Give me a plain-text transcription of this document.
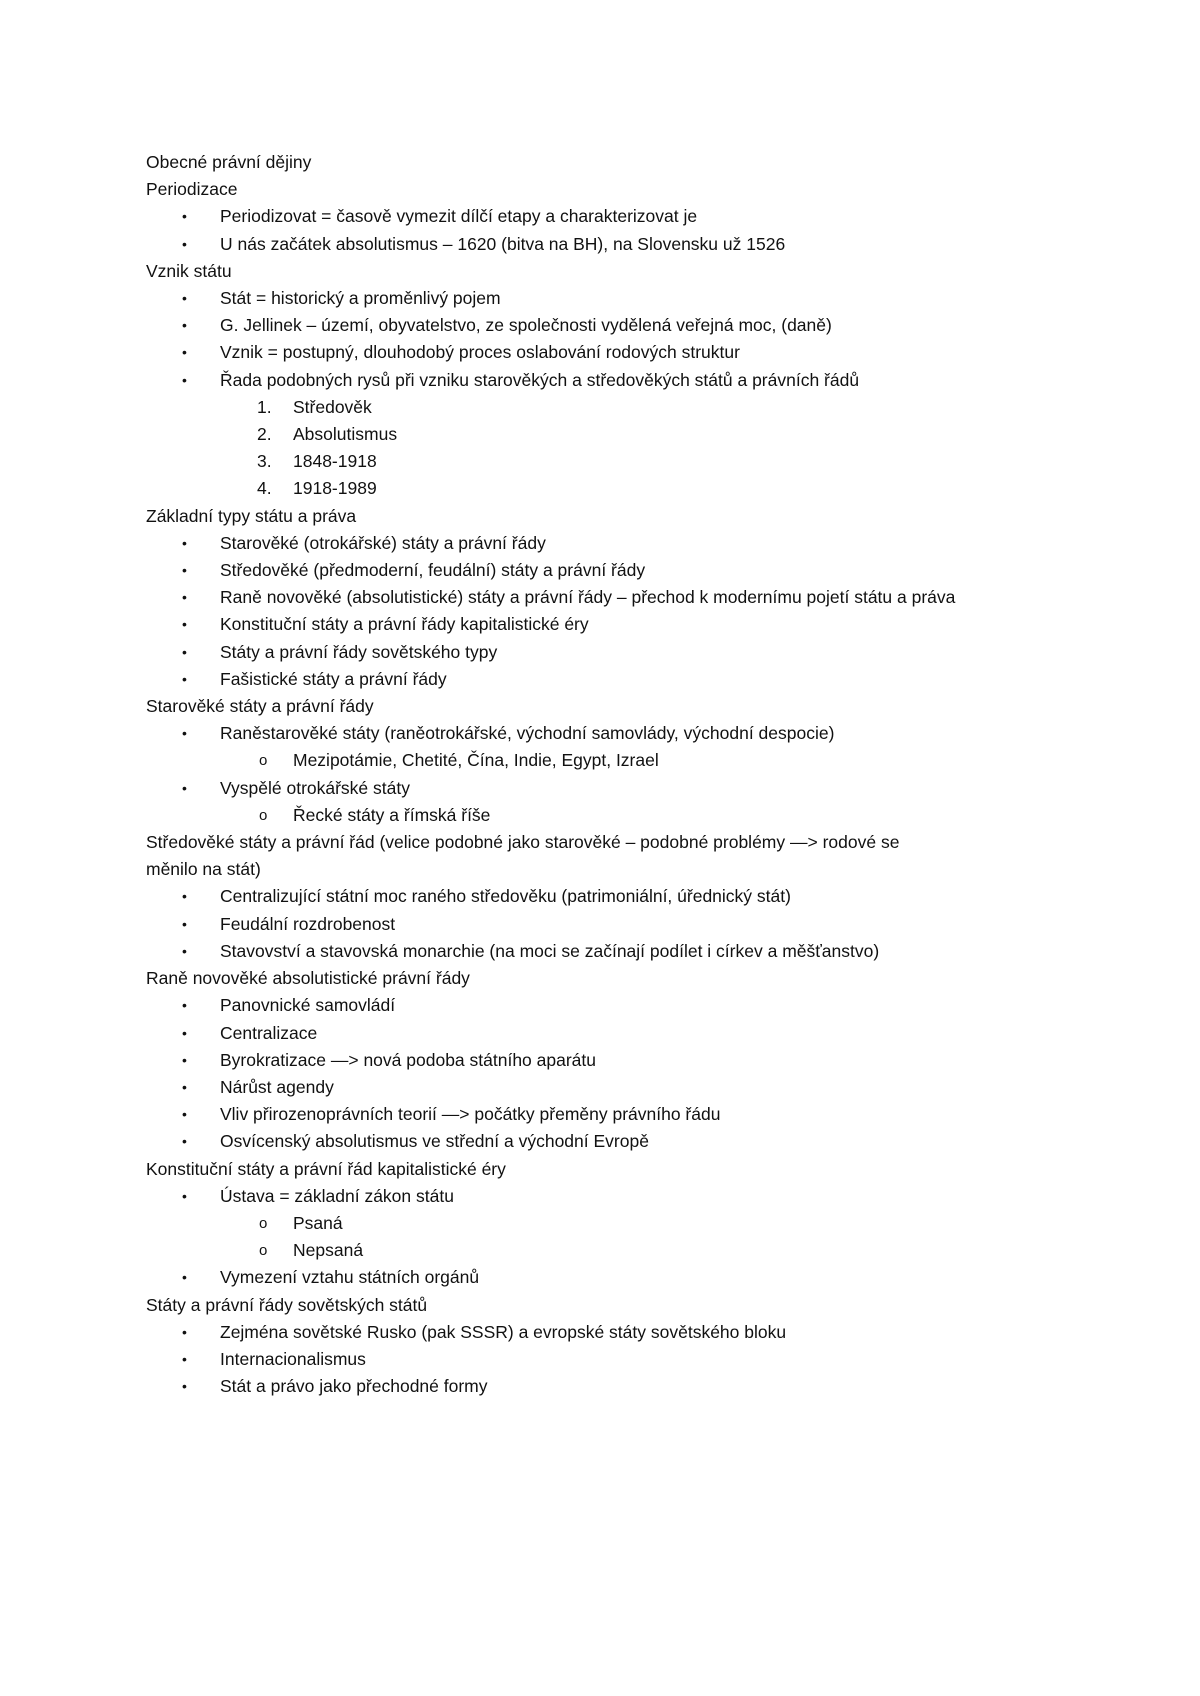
Obecné právní dějiny
Periodizace
• Periodizovat = časově vymezit dílčí etapy a charakterizovat je
• U nás začátek absolutismus – 1620 (bitva na BH), na Slovensku už 1526
Vznik státu
• Stát = historický a proměnlivý pojem
• G. Jellinek – území, obyvatelstvo, ze společnosti vydělená veřejná moc, (daně)
• Vznik = postupný, dlouhodobý proces oslabování rodových struktur
• Řada podobných rysů při vzniku starověkých a středověkých států a právních řádů
1. Středověk
2. Absolutismus
3. 1848-1918
4. 1918-1989
Základní typy státu a práva
• Starověké (otrokářské) státy a právní řády
• Středověké (předmoderní, feudální) státy a právní řády
• Raně novověké (absolutistické) státy a právní řády – přechod k modernímu pojetí státu a práva
• Konstituční státy a právní řády kapitalistické éry
• Státy a právní řády sovětského typy
• Fašistické státy a právní řády
Starověké státy a právní řády
• Raněstarověké státy (raněotrokářské, východní samovlády, východní despocie)
o Mezipotámie, Chetité, Čína, Indie, Egypt, Izrael
• Vyspělé otrokářské státy
o Řecké státy a římská říše
Středověké státy a právní řád (velice podobné jako starověké – podobné problémy —> rodové se
měnilo na stát)
• Centralizující státní moc raného středověku (patrimoniální, úřednický stát)
• Feudální rozdrobenost
• Stavovství a stavovská monarchie (na moci se začínají podílet i církev a měšťanstvo)
Raně novověké absolutistické právní řády
• Panovnické samovládí
• Centralizace
• Byrokratizace —> nová podoba státního aparátu
• Nárůst agendy
• Vliv přirozenoprávních teorií —> počátky přeměny právního řádu
• Osvícenský absolutismus ve střední a východní Evropě
Konstituční státy a právní řád kapitalistické éry
• Ústava = základní zákon státu
o Psaná
o Nepsaná
• Vymezení vztahu státních orgánů
Státy a právní řády sovětských států
• Zejména sovětské Rusko (pak SSSR) a evropské státy sovětského bloku
• Internacionalismus
• Stát a právo jako přechodné formy
